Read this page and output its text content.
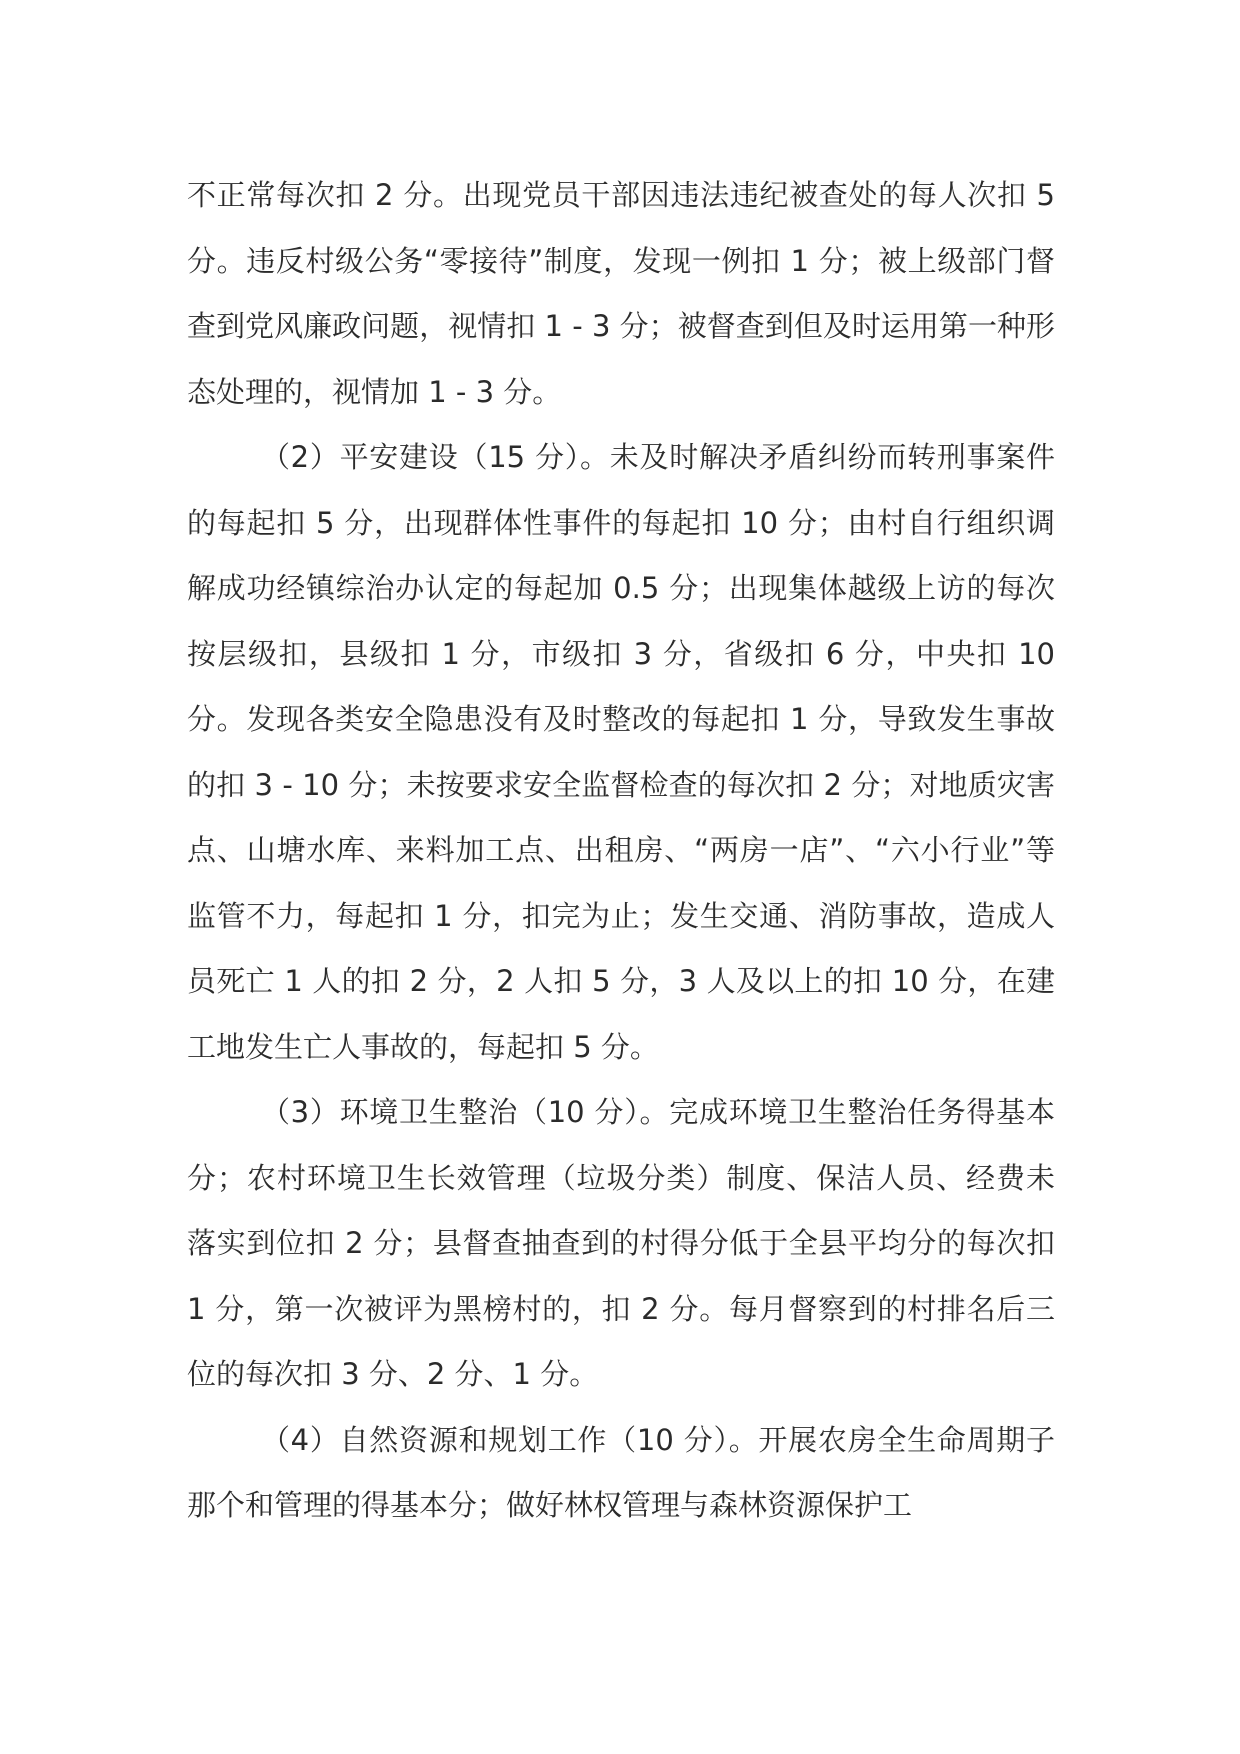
不正常每次扣 2 分。出现党员干部因违法违纪被查处的每人次扣 5 分。违反村级公务“零接待”制度，发现一例扣 1 分；被上级部门督查到党风廉政问题，视情扣 1 - 3 分；被督查到但及时运用第一种形态处理的，视情加 1 - 3 分。

（2）平安建设（15 分）。未及时解决矛盾纠纷而转刑事案件的每起扣 5 分，出现群体性事件的每起扣 10 分；由村自行组织调解成功经镇综治办认定的每起加 0.5 分；出现集体越级上访的每次按层级扣，县级扣 1 分，市级扣 3 分，省级扣 6 分，中央扣 10 分。发现各类安全隐患没有及时整改的每起扣 1 分，导致发生事故的扣 3 - 10 分；未按要求安全监督检查的每次扣 2 分；对地质灾害点、山塘水库、来料加工点、出租房、“两房一店”、“六小行业”等监管不力，每起扣 1 分，扣完为止；发生交通、消防事故，造成人员死亡 1 人的扣 2 分，2 人扣 5 分，3 人及以上的扣 10 分，在建工地发生亡人事故的，每起扣 5 分。

（3）环境卫生整治（10 分）。完成环境卫生整治任务得基本分；农村环境卫生长效管理（垃圾分类）制度、保洁人员、经费未落实到位扣 2 分；县督查抽查到的村得分低于全县平均分的每次扣 1 分，第一次被评为黑榜村的，扣 2 分。每月督察到的村排名后三位的每次扣 3 分、2 分、1 分。

（4）自然资源和规划工作（10 分）。开展农房全生命周期子那个和管理的得基本分；做好林权管理与森林资源保护工
